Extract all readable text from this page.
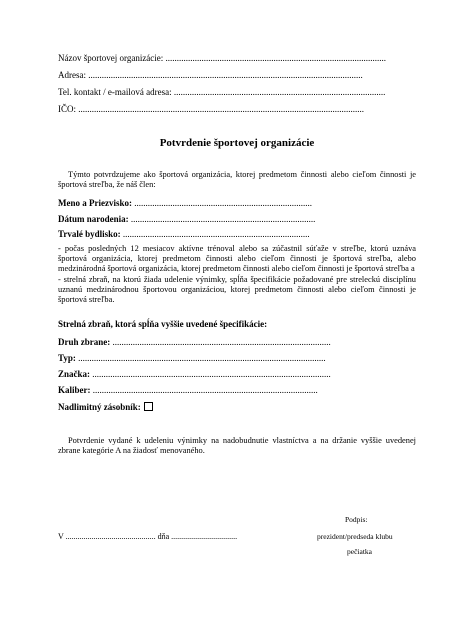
Názov športovej organizácie: ..................................................................................................
Adresa: ..........................................................................................................................
Tel. kontakt / e-mailová adresa: ..............................................................................................
IČO: ...............................................................................................................................
Potvrdenie športovej organizácie
Týmto potvrdzujeme ako športová organizácia, ktorej predmetom činnosti alebo cieľom činnosti je športová streľba, že náš člen:
Meno a Priezvisko: ...............................................................................
Dátum narodenia: ..................................................................................
Trvalé bydlisko: ...................................................................................
- počas posledných 12 mesiacov aktívne trénoval alebo sa zúčastnil súťaže v streľbe, ktorú uznáva športová organizácia, ktorej predmetom činnosti alebo cieľom činnosti je športová streľba, alebo medzinárodná športová organizácia, ktorej predmetom činnosti alebo cieľom činnosti je športová streľba a
- strelná zbraň, na ktorú žiada udelenie výnimky, spĺňa špecifikácie požadované pre streleckú disciplínu uznanú medzinárodnou športovou organizáciou, ktorej predmetom činnosti alebo cieľom činnosti je športová streľba.
Strelná zbraň, ktorá spĺňa vyššie uvedené špecifikácie:
Druh zbrane: .................................................................................................
Typ: ..............................................................................................................
Značka: ..........................................................................................................
Kaliber: ....................................................................................................
Nadlimitný zásobník:
Potvrdenie vydané k udeleniu výnimky na nadobudnutie vlastníctva a na držanie vyššie uvedenej zbrane kategórie A na žiadosť menovaného.
Podpis:
V ............................................. dňa .................................	prezident/predseda klubu
pečiatka
